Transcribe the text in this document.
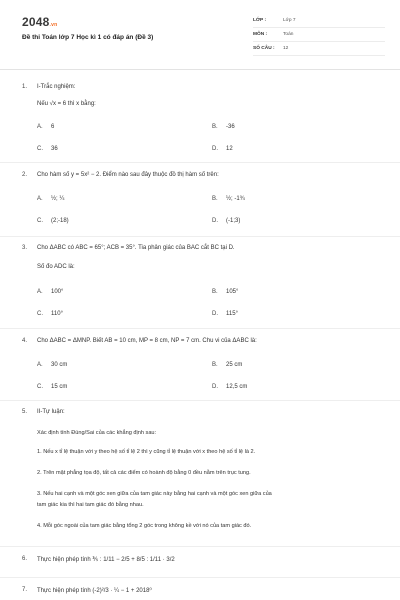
2048.vn
Đề thi Toán lớp 7 Học kì 1 có đáp án (Đề 3)
LỚP :	Lớp 7
MÔN :	Toán
SỐ CÂU :	12
1. I-Trắc nghiệm:
Nếu √x = 6 thì x bằng:
A. 6	B. -36
C. 36	D. 12
2. Cho hàm số y = 5x² − 2. Điểm nào sau đây thuộc đồ thị hàm số trên:
A. ½; ¼	B. ½; -1¾
C. (2;-18)	D. (-1;3)
3. Cho ΔABC có ABC = 65°; ACB = 35°. Tia phân giác của BAC cắt BC tại D.
Số đo ADC là:
A. 100°	B. 105°
C. 110°	D. 115°
4. Cho ΔABC = ΔMNP. Biết AB = 10 cm, MP = 8 cm, NP = 7 cm. Chu vi của ΔABC là:
A. 30 cm	B. 25 cm
C. 15 cm	D. 12,5 cm
5. II-Tự luận:
Xác định tính Đúng/Sai của các khẳng định sau:
1. Nếu x tỉ lệ thuận với y theo hệ số tỉ lệ 2 thì y cũng tỉ lệ thuận với x theo hệ số tỉ lệ là 2.
2. Trên mặt phẳng tọa độ, tất cả các điểm có hoành độ bằng 0 đều nằm trên trục tung.
3. Nếu hai cạnh và một góc xen giữa của tam giác này bằng hai cạnh và một góc xen giữa của
tam giác kia thì hai tam giác đó bằng nhau.
4. Mỗi góc ngoài của tam giác bằng tổng 2 góc trong không kề với nó của tam giác đó.
6. Thực hiện phép tính ⅗ : 1/11 − 2/5 + 8/5 : 1/11 · 3/2
7. Thực hiện phép tính (-2)²/3 · ¼ − 1 + 2018⁰
